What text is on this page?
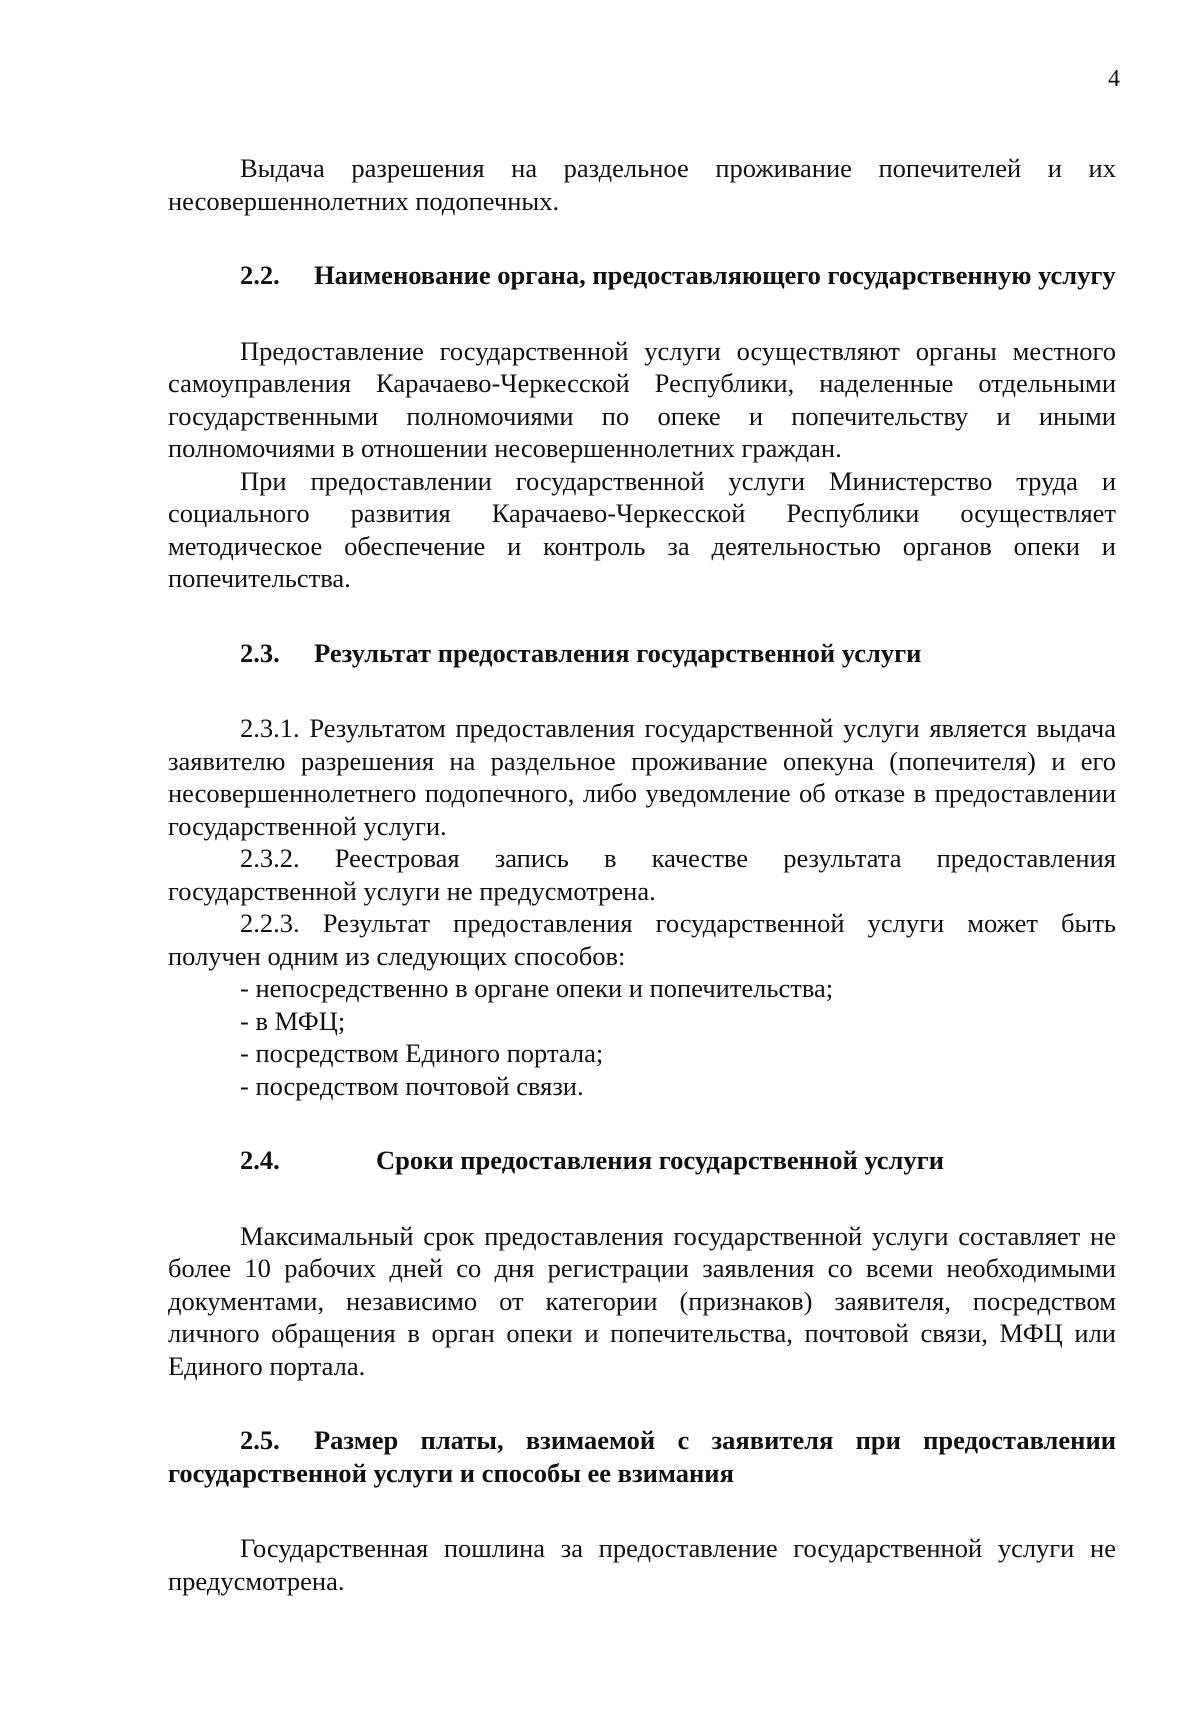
4

Выдача разрешения на раздельное проживание попечителей и их несовершеннолетних подопечных.

2.2. Наименование органа, предоставляющего государственную услугу

Предоставление государственной услуги осуществляют органы местного самоуправления Карачаево-Черкесской Республики, наделенные отдельными государственными полномочиями по опеке и попечительству и иными полномочиями в отношении несовершеннолетних граждан.

При предоставлении государственной услуги Министерство труда и социального развития Карачаево-Черкесской Республики осуществляет методическое обеспечение и контроль за деятельностью органов опеки и попечительства.

2.3. Результат предоставления государственной услуги

2.3.1. Результатом предоставления государственной услуги является выдача заявителю разрешения на раздельное проживание опекуна (попечителя) и его несовершеннолетнего подопечного, либо уведомление об отказе в предоставлении государственной услуги.

2.3.2. Реестровая запись в качестве результата предоставления государственной услуги не предусмотрена.

2.2.3. Результат предоставления государственной услуги может быть получен одним из следующих способов:

- непосредственно в органе опеки и попечительства;
- в МФЦ;
- посредством Единого портала;
- посредством почтовой связи.
2.4.	Сроки предоставления государственной услуги

Максимальный срок предоставления государственной услуги составляет не более 10 рабочих дней со дня регистрации заявления со всеми необходимыми документами, независимо от категории (признаков) заявителя, посредством личного обращения в орган опеки и попечительства, почтовой связи, МФЦ или Единого портала.

2.5. Размер платы, взимаемой с заявителя при предоставлении государственной услуги и способы ее взимания

Государственная пошлина за предоставление государственной услуги не предусмотрена.
